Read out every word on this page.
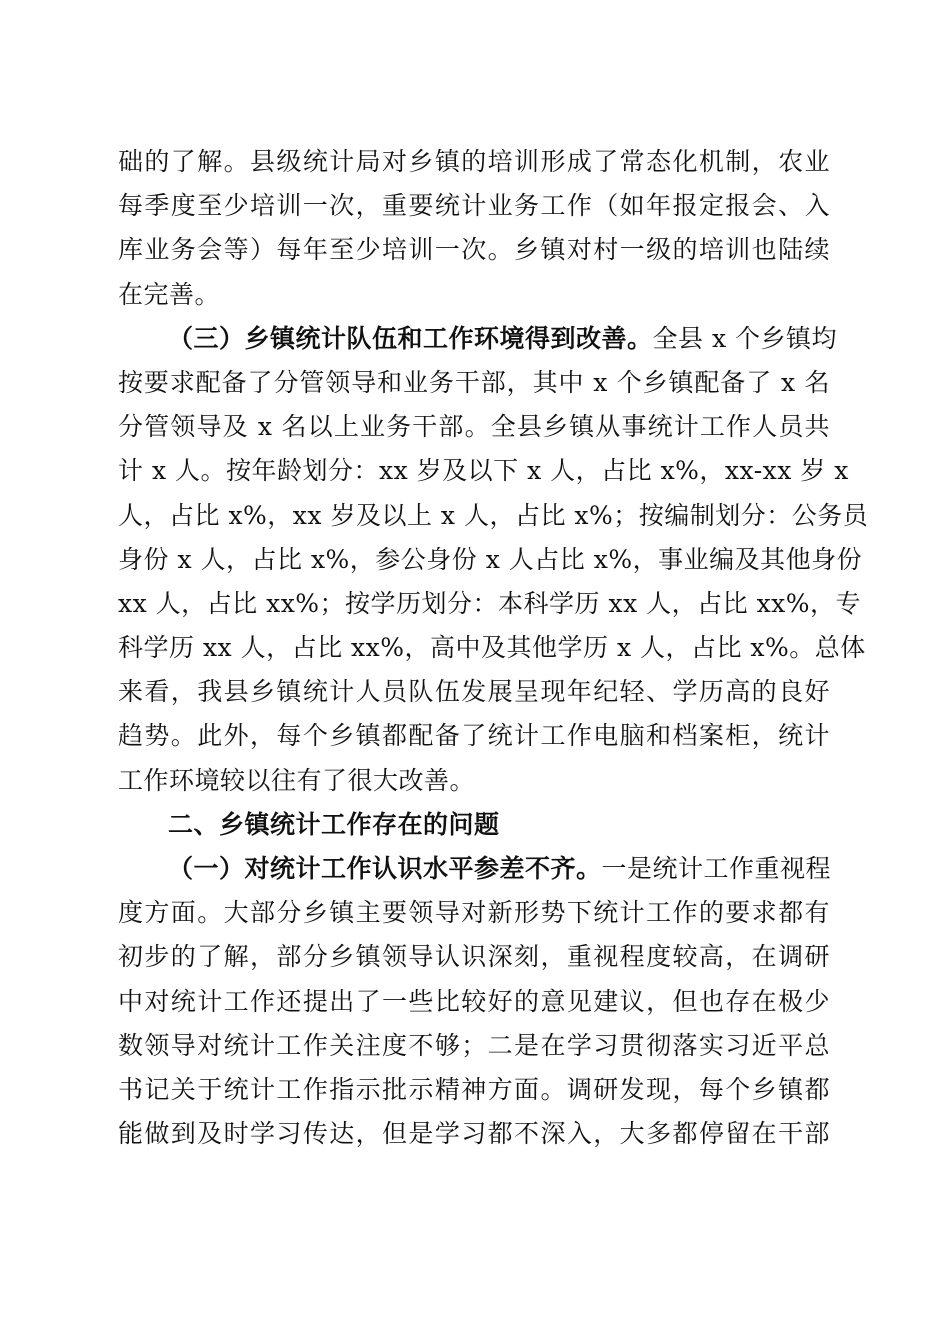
础的了解。县级统计局对乡镇的培训形成了常态化机制，农业
每季度至少培训一次，重要统计业务工作（如年报定报会、入
库业务会等）每年至少培训一次。乡镇对村一级的培训也陆续
在完善。
（三）乡镇统计队伍和工作环境得到改善。全县 x 个乡镇均
按要求配备了分管领导和业务干部，其中 x 个乡镇配备了 x 名
分管领导及 x 名以上业务干部。全县乡镇从事统计工作人员共
计 x 人。按年龄划分：xx 岁及以下 x 人，占比 x%，xx-xx 岁 x
人，占比 x%，xx 岁及以上 x 人，占比 x%；按编制划分：公务员
身份 x 人，占比 x%，参公身份 x 人占比 x%，事业编及其他身份
xx 人，占比 xx%；按学历划分：本科学历 xx 人，占比 xx%，专
科学历 xx 人，占比 xx%，高中及其他学历 x 人，占比 x%。总体
来看，我县乡镇统计人员队伍发展呈现年纪轻、学历高的良好
趋势。此外，每个乡镇都配备了统计工作电脑和档案柜，统计
工作环境较以往有了很大改善。
二、乡镇统计工作存在的问题
（一）对统计工作认识水平参差不齐。一是统计工作重视程
度方面。大部分乡镇主要领导对新形势下统计工作的要求都有
初步的了解，部分乡镇领导认识深刻，重视程度较高，在调研
中对统计工作还提出了一些比较好的意见建议，但也存在极少
数领导对统计工作关注度不够；二是在学习贯彻落实习近平总
书记关于统计工作指示批示精神方面。调研发现，每个乡镇都
能做到及时学习传达，但是学习都不深入，大多都停留在干部
